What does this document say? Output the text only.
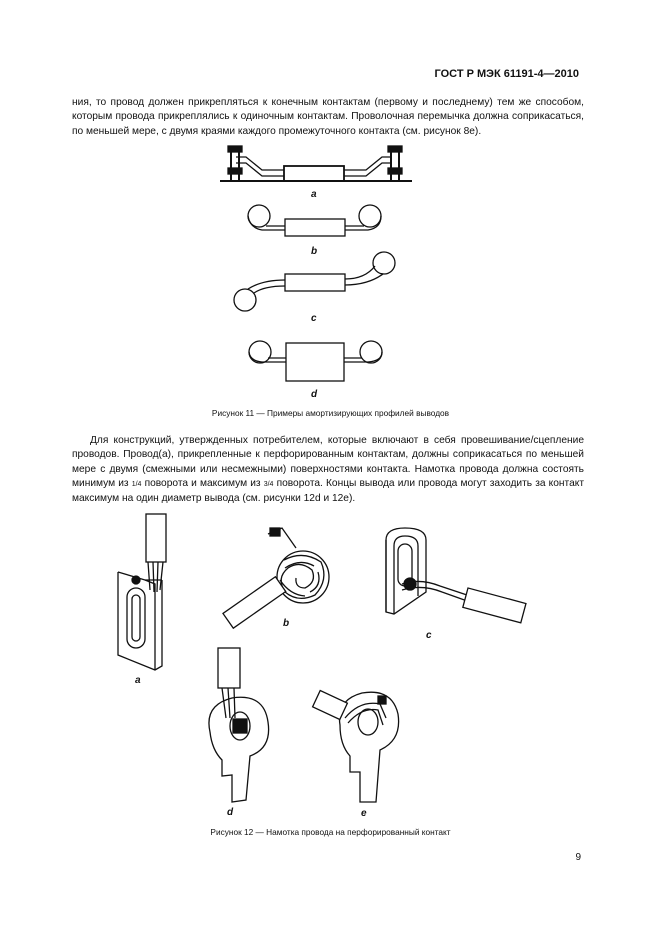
ГОСТ Р МЭК 61191-4—2010

ния, то провод должен прикрепляться к конечным контактам (первому и последнему) тем же способом, которым провода прикреплялись к одиночным контактам. Проволочная перемычка должна соприкасаться, по меньшей мере, с двумя краями каждого промежуточного контакта (см. рисунок 8е).

a
b
c
d
Рисунок 11 — Примеры амортизирующих профилей выводов

Для конструкций, утвержденных потребителем, которые включают в себя провешивание/сцепление проводов. Провод(а), прикрепленные к перфорированным контактам, должны соприкасаться по меньшей мере с двумя (смежными или несмежными) поверхностями контакта. Намотка провода должна состоять минимум из 1/4 поворота и максимум из 3/4 поворота. Концы вывода или провода могут заходить за контакт максимум на один диаметр вывода (см. рисунки 12d и 12e).

a
b
c
d	e
Рисунок 12 — Намотка провода на перфорированный контакт
9
